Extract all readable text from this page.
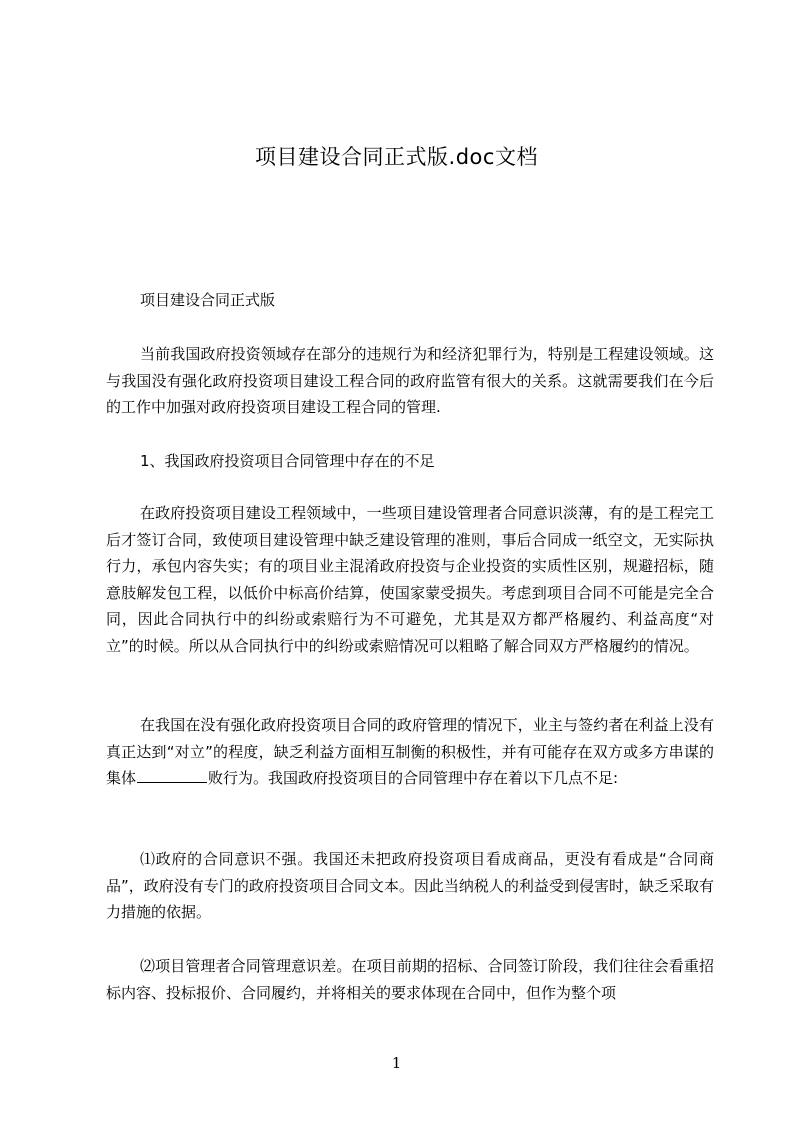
项目建设合同正式版.doc文档

项目建设合同正式版

当前我国政府投资领域存在部分的违规行为和经济犯罪行为，特别是工程建设领域。这与我国没有强化政府投资项目建设工程合同的政府监管有很大的关系。这就需要我们在今后的工作中加强对政府投资项目建设工程合同的管理.

1、我国政府投资项目合同管理中存在的不足

在政府投资项目建设工程领域中，一些项目建设管理者合同意识淡薄，有的是工程完工后才签订合同，致使项目建设管理中缺乏建设管理的准则，事后合同成一纸空文，无实际执行力，承包内容失实；有的项目业主混淆政府投资与企业投资的实质性区别，规避招标，随意肢解发包工程，以低价中标高价结算，使国家蒙受损失。考虑到项目合同不可能是完全合同，因此合同执行中的纠纷或索赔行为不可避免，尤其是双方都严格履约、利益高度“对立”的时候。所以从合同执行中的纠纷或索赔情况可以粗略了解合同双方严格履约的情况。

在我国在没有强化政府投资项目合同的政府管理的情况下，业主与签约者在利益上没有真正达到“对立”的程度，缺乏利益方面相互制衡的积极性，并有可能存在双方或多方串谋的集体	败行为。我国政府投资项目的合同管理中存在着以下几点不足:

⑴政府的合同意识不强。我国还未把政府投资项目看成商品，更没有看成是“合同商品”，政府没有专门的政府投资项目合同文本。因此当纳税人的利益受到侵害时，缺乏采取有力措施的依据。

⑵项目管理者合同管理意识差。在项目前期的招标、合同签订阶段，我们往往会看重招标内容、投标报价、合同履约，并将相关的要求体现在合同中，但作为整个项

1
